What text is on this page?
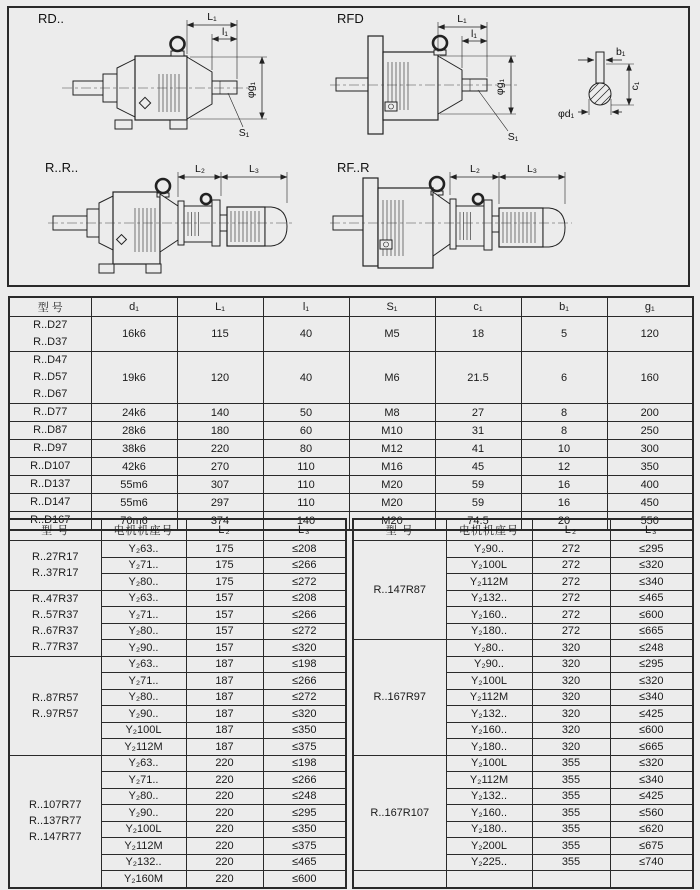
RD..	L₁
l₁
φg₁
S₁
RFD	L₁
l₁
φg₁
S₁
b₁
c₁
φd₁
R..R..	L₂	L₃	RF..R	L₂	L₃
型 号	d₁	L₁	l₁	S₁	c₁	b₁	g₁

R..D27
R..D37	16k6	115	40	M5	18	5	120

R..D47
R..D57
R..D67	19k6	120	40	M6	21.5	6	160

R..D77	24k6	140	50	M8	27	8	200

R..D87	28k6	180	60	M10	31	8	250

R..D97	38k6	220	80	M12	41	10	300

R..D107	42k6	270	110	M16	45	12	350

R..D137	55m6	307	110	M20	59	16	400

R..D147	55m6	297	110	M20	59	16	450

R..D167	70m6	374	140	M20	74.5	20	550
型 号	电机机座号	L₂	L₃

R..27R17
R..37R17	Y₂63..	175	≤208
	Y₂71..	175	≤266
	Y₂80..	175	≤272

R..47R37
R..57R37
R..67R37
R..77R37	Y₂63..	157	≤208
	Y₂71..	157	≤266
	Y₂80..	157	≤272
	Y₂90..	157	≤320

R..87R57
R..97R57	Y₂63..	187	≤198
	Y₂71..	187	≤266
	Y₂80..	187	≤272
	Y₂90..	187	≤320
	Y₂100L	187	≤350
	Y₂112M	187	≤375

R..107R77
R..137R77
R..147R77	Y₂63..	220	≤198
	Y₂71..	220	≤266
	Y₂80..	220	≤248
	Y₂90..	220	≤295
	Y₂100L	220	≤350
	Y₂112M	220	≤375
	Y₂132..	220	≤465
	Y₂160M	220	≤600
型 号	电机机座号	L₂	L₃

R..147R87	Y₂90..	272	≤295
	Y₂100L	272	≤320
	Y₂112M	272	≤340
	Y₂132..	272	≤465
	Y₂160..	272	≤600
	Y₂180..	272	≤665

R..167R97	Y₂80..	320	≤248
	Y₂90..	320	≤295
	Y₂100L	320	≤320
	Y₂112M	320	≤340
	Y₂132..	320	≤425
	Y₂160..	320	≤600
	Y₂180..	320	≤665

R..167R107	Y₂100L	355	≤320
	Y₂112M	355	≤340
	Y₂132..	355	≤425
	Y₂160..	355	≤560
	Y₂180..	355	≤620
	Y₂200L	355	≤675
	Y₂225..	355	≤740
